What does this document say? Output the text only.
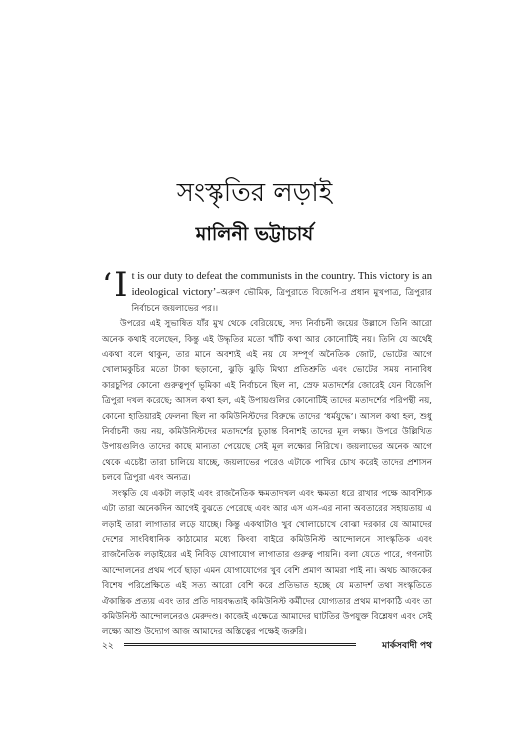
সংস্কৃতির লড়াই
মালিনী ভট্টাচার্য
‘ I t is our duty to defeat the communists in the country. This victory is an ideological victory’–অরুণ ভৌমিক, ত্রিপুরাতে বিজেপি-র প্রধান মুখপাত্র, ত্রিপুরার নির্বাচনে জয়লাভের পর।।

উপরের এই সুভাষিত যাঁর মুখ থেকে বেরিয়েছে, সদ্য নির্বাচনী জয়ের উল্লাসে তিনি আরো অনেক কথাই বলেছেন, কিন্তু এই উদ্ধৃতির মতো খাঁটি কথা আর কোনোটিই নয়। তিনি যে অর্থেই একথা বলে থাকুন, তার মানে অবশ্যই এই নয় যে সম্পূর্ণ অনৈতিক জোট, ভোটের আগে খোলামকুচির মতো টাকা ছড়ানো, ঝুড়ি ঝুড়ি মিথ্যা প্রতিশ্রুতি এবং ভোটের সময় নানাবিধ কারচুপির কোনো গুরুত্বপূর্ণ ভূমিকা এই নির্বাচনে ছিল না, স্রেফ মতাদর্শের জোরেই যেন বিজেপি ত্রিপুরা দখল করেছে; আসল কথা হল, এই উপায়গুলির কোনোটিই তাদের মতাদর্শের পরিপন্থী নয়, কোনো হাতিয়ারই ফেলনা ছিল না কমিউনিস্টদের বিরুদ্ধে তাদের ‘ধর্মযুদ্ধে’। আসল কথা হল, শুধু নির্বাচনী জয় নয়, কমিউনিস্টদের মতাদর্শের চূড়ান্ত বিনাশই তাদের মূল লক্ষ্য। উপরে উল্লিখিত উপায়গুলিও তাদের কাছে মান্যতা পেয়েছে সেই মূল লক্ষ্যের নিরিখে। জয়লাভের অনেক আগে থেকে এচেষ্টা তারা চালিয়ে যাচ্ছে, জয়লাভের পরেও এটাকে পাখির চোখ করেই তাদের প্রশাসন চলবে ত্রিপুরা এবং অন্যত্র।

সংস্কৃতি যে একটা লড়াই এবং রাজনৈতিক ক্ষমতাদখল এবং ক্ষমতা ধরে রাখার পক্ষে আবশ্যিক এটা তারা অনেকদিন আগেই বুঝতে পেরেছে এবং আর এস এস-এর নানা অবতারের সহায়তায় এ লড়াই তারা লাগাতার লড়ে যাচ্ছে। কিন্তু একথাটাও খুব খোলাচোখে বোঝা দরকার যে আমাদের দেশের সাংবিধানিক কাঠামোর মধ্যে কিংবা বাইরে কমিউনিস্ট আন্দোলনে সাংস্কৃতিক এবং রাজনৈতিক লড়াইয়ের এই নিবিড় যোগাযোগ লাগাতার গুরুত্ব পায়নি। বলা যেতে পারে, গণনাট্য আন্দোলনের প্রথম পর্বে ছাড়া এমন যোগাযোগের খুব বেশি প্রমাণ আমরা পাই না। অথচ আজকের বিশেষ পরিপ্রেক্ষিতে এই সত্য আরো বেশি করে প্রতিভাত হচ্ছে যে মতাদর্শ তথা সংস্কৃতিতে ঐকান্তিক প্রত্যয় এবং তার প্রতি দায়বদ্ধতাই কমিউনিস্ট কর্মীদের যোগ্যতার প্রথম মাপকাঠি এবং তা কমিউনিস্ট আন্দোলনেরও মেরুদণ্ড। কাজেই এক্ষেত্রে আমাদের ঘাটতির উপযুক্ত বিশ্লেষণ এবং সেই লক্ষ্যে আশু উদ্যোগ আজ আমাদের অস্তিত্বের পক্ষেই জরুরি।

২২	মার্কসবাদী পথ
